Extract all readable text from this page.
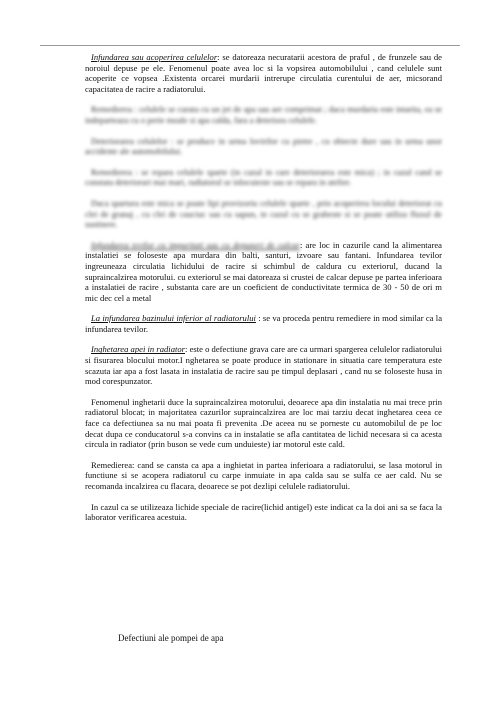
Infundarea sau acoperirea celulelor: se datoreaza necuratarii acestora de praful , de frunzele sau de noroiul depuse pe ele. Fenomenul poate avea loc si la vopsirea automobilului , cand celulele sunt acoperite ce vopsea .Existenta orcarei murdarii intrerupe circulatia curentului de aer, micsorand capacitatea de racire a radiatorului.

Remedierea : celulele se curata cu un jet de apa sau aer comprimat ; daca murdaria este intarita, ea se indeparteaza cu o perie moale si apa calda, fara a deteriora celulele.

Deteriorarea celulelor : se produce in urma lovirilor cu pietre , cu obiecte dure sau in urma unor accidente ale automobilului.

Remedierea : se repara celulele sparte (in cazul in care deteriorarea este mica) ; in cazul cand se constata deteriorari mai mari, radiatorul se inlocuieste sau se repara in atelier.

Daca spartura este mica se poate lipi provizoriu celulele sparte , prin acoperirea locului deteriorat cu clei de granaj , cu clei de cauciuc sau cu sapun, in cazul cu se grabeste si se poate utiliza fluxul de sustinere.

Infundarea tevilor cu impuritati sau cu depuneri de calcar: are loc in cazurile cand la alimentarea instalatiei se foloseste apa murdara din balti, santuri, izvoare sau fantani. Infundarea tevilor ingreuneaza circulatia lichidului de racire si schimbul de caldura cu exteriorul, ducand la supraincalzirea motorului. cu exteriorul se mai datoreaza si crustei de calcar depuse pe partea inferioara a instalatiei de racire , substanta care are un coeficient de conductivitate termica de 30 - 50 de ori m mic dec cel a metal

La infundarea bazinului inferior al radiatorului : se va proceda pentru remediere in mod similar ca la infundarea tevilor.

Inghetarea apei in radiator: este o defectiune grava care are ca urmari spargerea celulelor radiatorului si fisurarea blocului motor.I nghetarea se poate produce in stationare in situatia care temperatura este scazuta iar apa a fost lasata in instalatia de racire sau pe timpul deplasari , cand nu se foloseste husa in mod corespunzator.

Fenomenul inghetarii duce la supraincalzirea motorului, deoarece apa din instalatia nu mai trece prin radiatorul blocat; in majoritatea cazurilor supraincalzirea are loc mai tarziu decat inghetarea ceea ce face ca defectiunea sa nu mai poata fi prevenita .De aceea nu se porneste cu automobilul de pe loc decat dupa ce conducatorul s-a convins ca in instalatie se afla cantitatea de lichid necesara si ca acesta circula in radiator (prin buson se vede cum unduieste) iar motorul este cald.

Remedierea: cand se cansta ca apa a inghietat in partea inferioara a radiatorului, se lasa motorul in functiune si se acopera radiatorul cu carpe inmuiate in apa calda sau se sulfa ce aer cald. Nu se recomanda incalzirea cu flacara, deoarece se pot dezlipi celulele radiatorului.

In cazul ca se utilizeaza lichide speciale de racire(lichid antigel) este indicat ca la doi ani sa se faca la laborator verificarea acestuia.

Defectiuni ale pompei de apa
